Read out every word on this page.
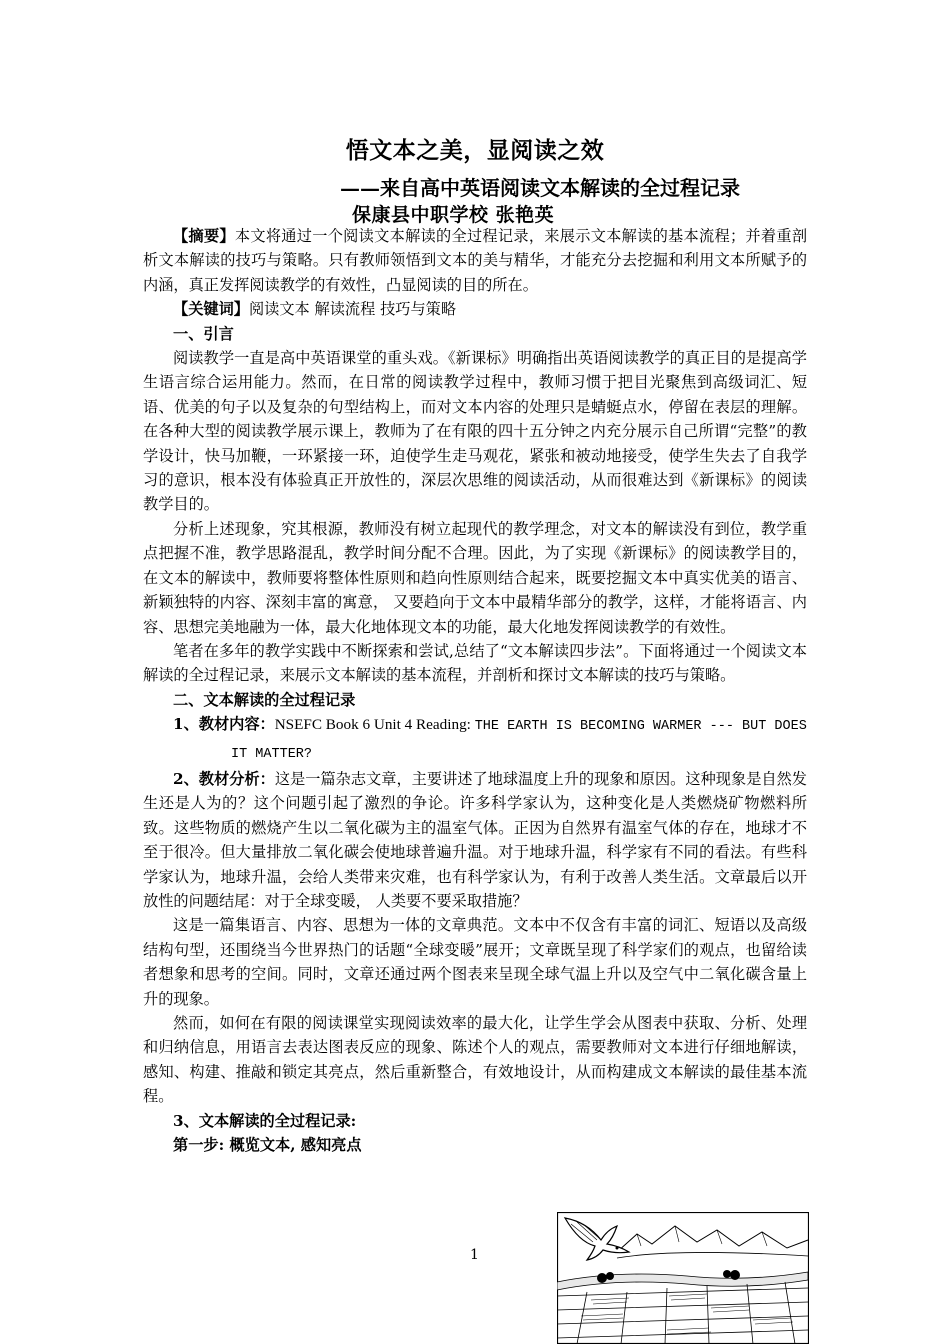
悟文本之美，显阅读之效
——来自高中英语阅读文本解读的全过程记录
保康县中职学校 张艳英

【摘要】本文将通过一个阅读文本解读的全过程记录，来展示文本解读的基本流程；并着重剖析文本解读的技巧与策略。只有教师领悟到文本的美与精华，才能充分去挖掘和利用文本所赋予的内涵，真正发挥阅读教学的有效性，凸显阅读的目的所在。

【关键词】阅读文本 解读流程 技巧与策略

一、引言

阅读教学一直是高中英语课堂的重头戏。《新课标》明确指出英语阅读教学的真正目的是提高学生语言综合运用能力。然而，在日常的阅读教学过程中，教师习惯于把目光聚焦到高级词汇、短语、优美的句子以及复杂的句型结构上，而对文本内容的处理只是蜻蜓点水，停留在表层的理解。在各种大型的阅读教学展示课上，教师为了在有限的四十五分钟之内充分展示自己所谓“完整”的教学设计，快马加鞭，一环紧接一环，迫使学生走马观花，紧张和被动地接受，使学生失去了自我学习的意识，根本没有体验真正开放性的，深层次思维的阅读活动，从而很难达到《新课标》的阅读教学目的。

分析上述现象，究其根源，教师没有树立起现代的教学理念，对文本的解读没有到位，教学重点把握不准，教学思路混乱，教学时间分配不合理。因此，为了实现《新课标》的阅读教学目的，在文本的解读中，教师要将整体性原则和趋向性原则结合起来，既要挖掘文本中真实优美的语言、新颖独特的内容、深刻丰富的寓意， 又要趋向于文本中最精华部分的教学，这样，才能将语言、内容、思想完美地融为一体，最大化地体现文本的功能，最大化地发挥阅读教学的有效性。

笔者在多年的教学实践中不断探索和尝试,总结了“文本解读四步法”。下面将通过一个阅读文本解读的全过程记录，来展示文本解读的基本流程，并剖析和探讨文本解读的技巧与策略。

二、文本解读的全过程记录

1、教材内容：NSEFC Book 6 Unit 4 Reading: THE EARTH IS BECOMING WARMER --- BUT DOES IT MATTER?

2、教材分析：这是一篇杂志文章，主要讲述了地球温度上升的现象和原因。这种现象是自然发生还是人为的？这个问题引起了激烈的争论。许多科学家认为，这种变化是人类燃烧矿物燃料所致。这些物质的燃烧产生以二氧化碳为主的温室气体。正因为自然界有温室气体的存在，地球才不至于很冷。但大量排放二氧化碳会使地球普遍升温。对于地球升温，科学家有不同的看法。有些科学家认为，地球升温，会给人类带来灾难，也有科学家认为，有利于改善人类生活。文章最后以开放性的问题结尾：对于全球变暖， 人类要不要采取措施？

这是一篇集语言、内容、思想为一体的文章典范。文本中不仅含有丰富的词汇、短语以及高级结构句型，还围绕当今世界热门的话题“全球变暖”展开；文章既呈现了科学家们的观点，也留给读者想象和思考的空间。同时，文章还通过两个图表来呈现全球气温上升以及空气中二氧化碳含量上升的现象。

然而，如何在有限的阅读课堂实现阅读效率的最大化，让学生学会从图表中获取、分析、处理和归纳信息，用语言去表达图表反应的现象、陈述个人的观点，需要教师对文本进行仔细地解读，感知、构建、推敲和锁定其亮点，然后重新整合，有效地设计，从而构建成文本解读的最佳基本流程。

3、文本解读的全过程记录:

第一步: 概览文本, 感知亮点

1
